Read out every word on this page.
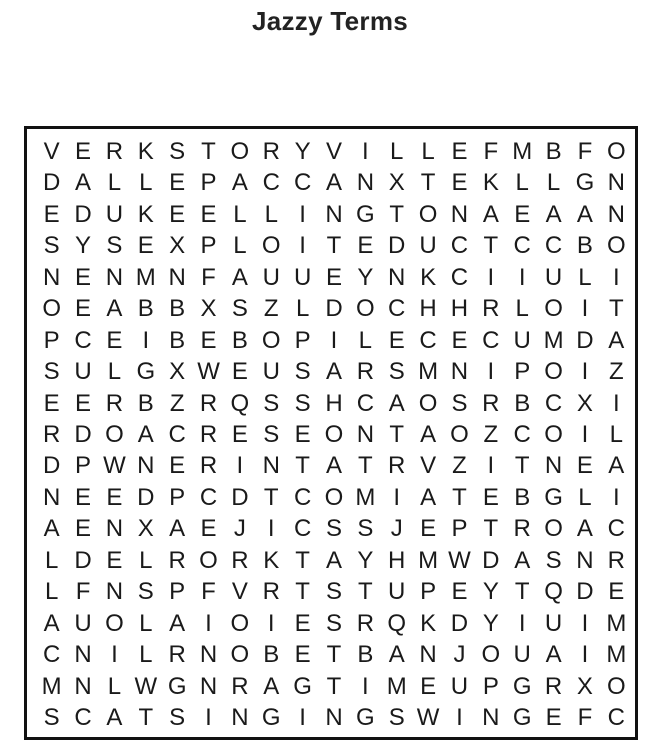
Jazzy Terms
V E R K S T O R Y V I L L E F M B F O
D A L L E P A C C A N X T E K L L G N
E D U K E E L L I N G T O N A E A A N
S Y S E X P L O I T E D U C T C C B O
N E N M N F A U U E Y N K C I	I U L I
O E A B B X S Z L D O C H H R L O I T
P C E I B E B O P I L E C E C U M D A
S U L G X W E U S A R S M N I P O I Z
E E R B Z R Q S S H C A O S R B C X I
R D O A C R E S E O N T A O Z C O I L
D P W N E R I N T A T R V Z I T N E A
N E E D P C D T C O M I A T E B G L I
A E N X A E J I C S S J E P T R O A C
L D E L R O R K T A Y H M W D A S N R
L F N S P F V R T S T U P E Y T Q D E
A U O L A I O I E S R Q K D Y I U I M
C N I L R N O B E T B A N J O U A I M
M N L W G N R A G T I M E U P G R X O
S C A T S I N G I N G S W I N G E F C
